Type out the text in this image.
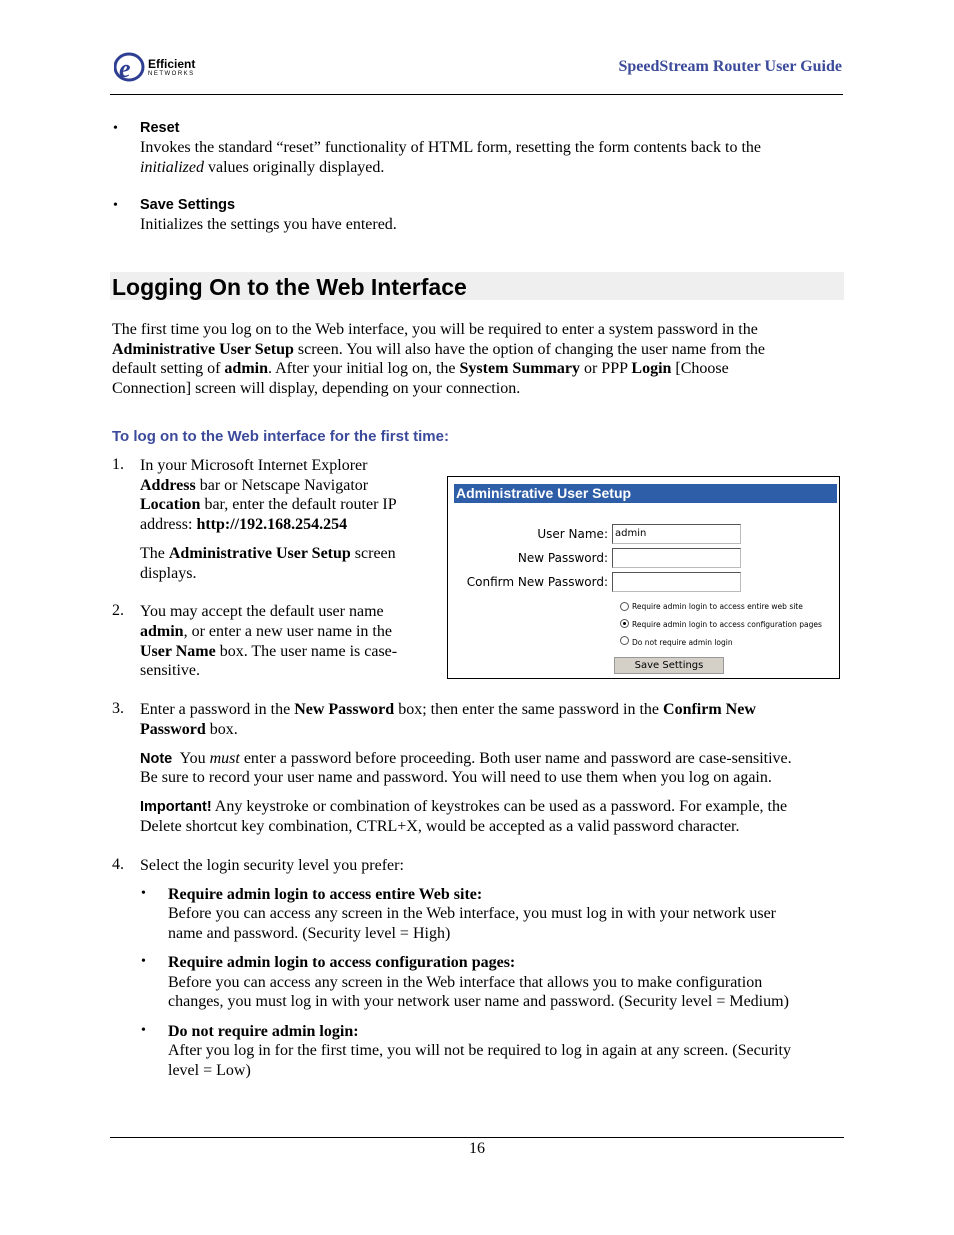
e Efficient
NETWORKS	SpeedStream Router User Guide
• Reset

Invokes the standard “reset” functionality of HTML form, resetting the form contents back to the

initialized values originally displayed.

• Save Settings

Initializes the settings you have entered.

Logging On to the Web Interface

The first time you log on to the Web interface, you will be required to enter a system password in the

Administrative User Setup screen. You will also have the option of changing the user name from the

default setting of admin. After your initial log on, the System Summary or PPP Login [Choose

Connection] screen will display, depending on your connection.

To log on to the Web interface for the first time:
1. In your Microsoft Internet Explorer

Address bar or Netscape Navigator

Location bar, enter the default router IP

address: http://192.168.254.254

The Administrative User Setup screen

displays.

2. You may accept the default user name

admin, or enter a new user name in the

User Name box. The user name is case-

sensitive.

Administrative User Setup
User Name: admin
New Password:
Confirm New Password:
Require admin login to access entire web site
Require admin login to access configuration pages
Do not require admin login
Save Settings
3. Enter a password in the New Password box; then enter the same password in the Confirm New

Password box.

Note  You must enter a password before proceeding. Both user name and password are case-sensitive.

Be sure to record your user name and password. You will need to use them when you log on again.

Important! Any keystroke or combination of keystrokes can be used as a password. For example, the

Delete shortcut key combination, CTRL+X, would be accepted as a valid password character.

4. Select the login security level you prefer:

• Require admin login to access entire Web site:

Before you can access any screen in the Web interface, you must log in with your network user

name and password. (Security level = High)

• Require admin login to access configuration pages:

Before you can access any screen in the Web interface that allows you to make configuration

changes, you must log in with your network user name and password. (Security level = Medium)

• Do not require admin login:

After you log in for the first time, you will not be required to log in again at any screen. (Security

level = Low)

16
